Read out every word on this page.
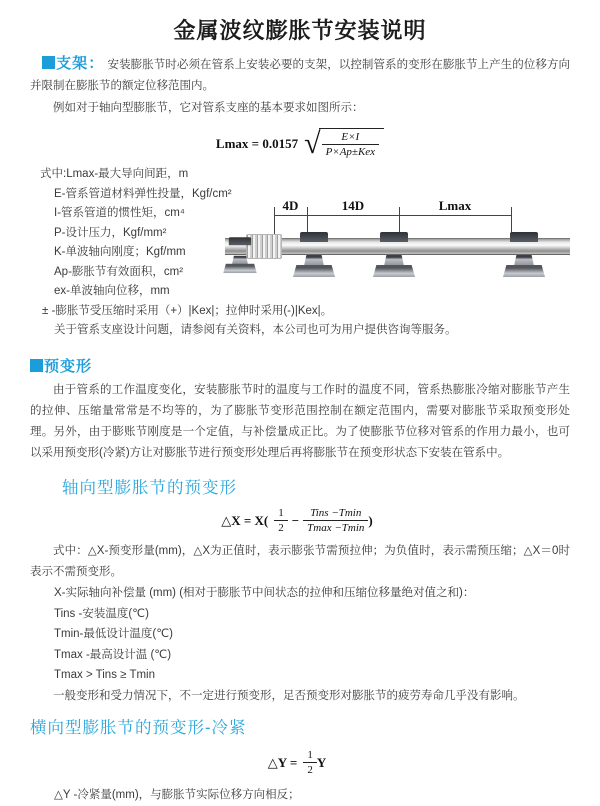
金属波纹膨胀节安装说明

支架： 安装膨胀节时必须在管系上安装必要的支架，以控制管系的变形在膨胀节上产生的位移方向并限制在膨胀节的额定位移范围内。

例如对于轴向型膨胀节，它对管系支座的基本要求如图所示：

Lmax = 0.0157 √ $\frac{E\times I}{\text{P×Ap±Kex}}$
式中:Lmax-最大导向间距，m
E-管系管道材料弹性投量，Kgf/cm²
I-管系管道的惯性矩，cm⁴
P-设计压力，Kgf/mm²
K-单波轴向刚度；Kgf/mm
Ap-膨胀节有效面积，cm²
ex-单波轴向位移，mm
± -膨胀节受压缩时采用（+）|Kex|；拉伸时采用(-)|Kex|。
关于管系支座设计问题，请参阅有关资料，本公司也可为用户提供咨询等服务。
4D	14D	Lmax
预变形

由于管系的工作温度变化，安装膨胀节时的温度与工作时的温度不同，管系热膨胀冷缩对膨胀节产生的拉伸、压缩量常常是不均等的，为了膨胀节变形范围控制在额定范围内，需要对膨胀节采取预变形处理。另外，由于膨账节刚度是一个定值，与补偿量成正比。为了使膨胀节位移对管系的作用力最小，也可以采用预变形(冷紧)方让对膨胀节进行预变形处理后再将膨胀节在预变形状态下安装在管系中。

轴向型膨胀节的预变形
△X = $X( \frac{1}{2} - \frac{\text{Tins −Tmin}}{Tmax -Tmin}$ )

式中：△X-预变形量(mm)，△X为正值时，表示膨张节需预拉伸；为负值时，表示需预压缩；△X＝0时表示不需预变形。

X-实际轴向补偿量 (mm) (相对于膨胀节中间状态的拉伸和压缩位移量绝对值之和)：
Tins -安装温度(℃)
Tmin-最低设计温度(℃)
Tmax -最高设计温 (℃)
Tmax > Tins ≥ Tmin
一般变形和受力情况下，不一定进行预变形，足否预变形对膨胀节的疲劳寿命几乎没有影响。
横向型膨胀节的预变形-冷紧
△Y = $\frac{1}{2}$ Y
△Y -冷紧量(mm)，与膨胀节实际位移方向相反；
